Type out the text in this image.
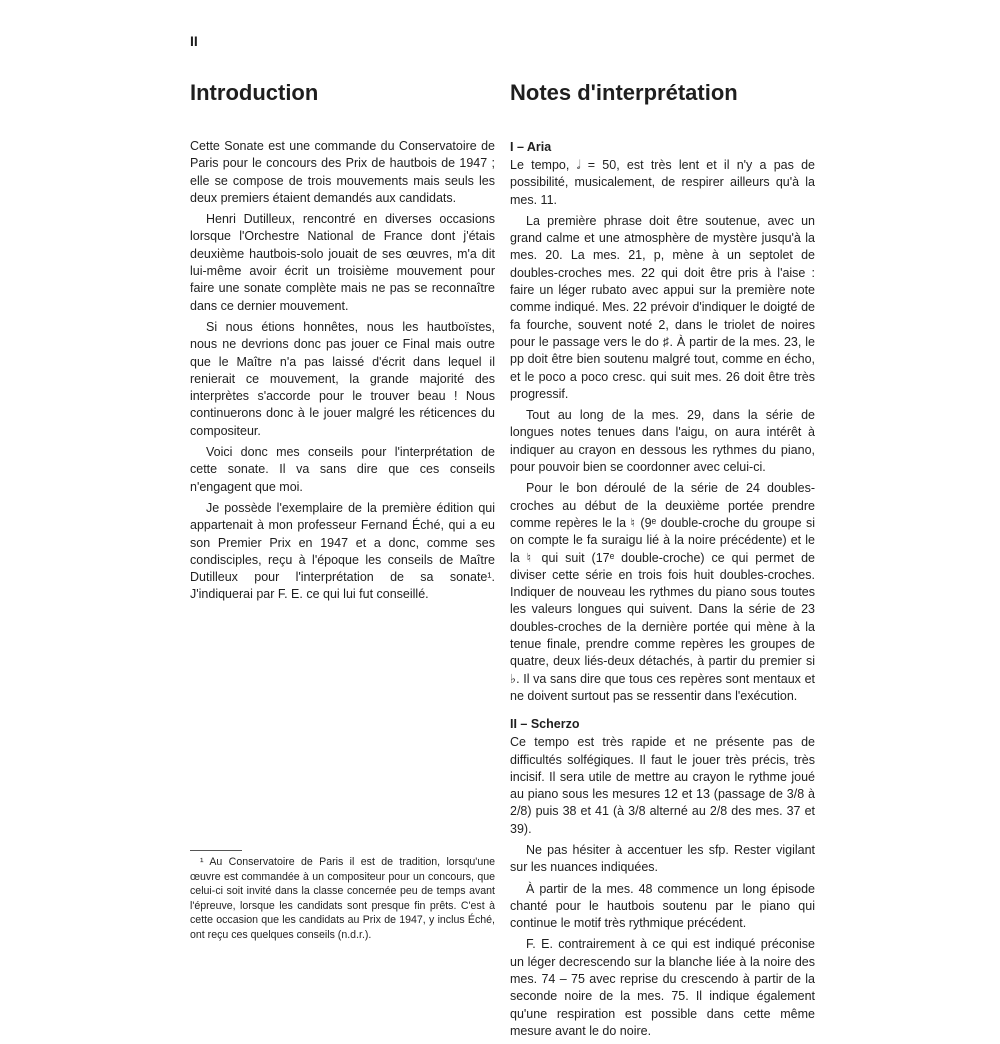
II
Introduction

Cette Sonate est une commande du Conservatoire de Paris pour le concours des Prix de hautbois de 1947 ; elle se compose de trois mouvements mais seuls les deux premiers étaient demandés aux candidats.

Henri Dutilleux, rencontré en diverses occasions lorsque l'Orchestre National de France dont j'étais deuxième hautbois-solo jouait de ses œuvres, m'a dit lui-même avoir écrit un troisième mouvement pour faire une sonate complète mais ne pas se reconnaître dans ce dernier mouvement.

Si nous étions honnêtes, nous les hautboïstes, nous ne devrions donc pas jouer ce Final mais outre que le Maître n'a pas laissé d'écrit dans lequel il renierait ce mouvement, la grande majorité des interprètes s'accorde pour le trouver beau ! Nous continuerons donc à le jouer malgré les réticences du compositeur.

Voici donc mes conseils pour l'interprétation de cette sonate. Il va sans dire que ces conseils n'engagent que moi.

Je possède l'exemplaire de la première édition qui appartenait à mon professeur Fernand Éché, qui a eu son Premier Prix en 1947 et a donc, comme ses condisciples, reçu à l'époque les conseils de Maître Dutilleux pour l'interprétation de sa sonate¹. J'indiquerai par F. E. ce qui lui fut conseillé.

Notes d'interprétation
I – Aria

Le tempo, 𝅗𝅥 = 50, est très lent et il n'y a pas de possibilité, musicalement, de respirer ailleurs qu'à la mes. 11.

La première phrase doit être soutenue, avec un grand calme et une atmosphère de mystère jusqu'à la mes. 20. La mes. 21, p, mène à un septolet de doubles-croches mes. 22 qui doit être pris à l'aise : faire un léger rubato avec appui sur la première note comme indiqué. Mes. 22 prévoir d'indiquer le doigté de fa fourche, souvent noté 2, dans le triolet de noires pour le passage vers le do ♯. À partir de la mes. 23, le pp doit être bien soutenu malgré tout, comme en écho, et le poco a poco cresc. qui suit mes. 26 doit être très progressif.

Tout au long de la mes. 29, dans la série de longues notes tenues dans l'aigu, on aura intérêt à indiquer au crayon en dessous les rythmes du piano, pour pouvoir bien se coordonner avec celui-ci.

Pour le bon déroulé de la série de 24 doubles-croches au début de la deuxième portée prendre comme repères le la ♮ (9ᵉ double-croche du groupe si on compte le fa suraigu lié à la noire précédente) et le la ♮ qui suit (17ᵉ double-croche) ce qui permet de diviser cette série en trois fois huit doubles-croches. Indiquer de nouveau les rythmes du piano sous toutes les valeurs longues qui suivent. Dans la série de 23 doubles-croches de la dernière portée qui mène à la tenue finale, prendre comme repères les groupes de quatre, deux liés-deux détachés, à partir du premier si ♭. Il va sans dire que tous ces repères sont mentaux et ne doivent surtout pas se ressentir dans l'exécution.

II – Scherzo

Ce tempo est très rapide et ne présente pas de difficultés solfégiques. Il faut le jouer très précis, très incisif. Il sera utile de mettre au crayon le rythme joué au piano sous les mesures 12 et 13 (passage de 3/8 à 2/8) puis 38 et 41 (à 3/8 alterné au 2/8 des mes. 37 et 39).

Ne pas hésiter à accentuer les sfp. Rester vigilant sur les nuances indiquées.

À partir de la mes. 48 commence un long épisode chanté pour le hautbois soutenu par le piano qui continue le motif très rythmique précédent.

F. E. contrairement à ce qui est indiqué préconise un léger decrescendo sur la blanche liée à la noire des mes. 74 – 75 avec reprise du crescendo à partir de la seconde noire de la mes. 75. Il indique également qu'une respiration est possible dans cette même mesure avant le do noire.

¹ Au Conservatoire de Paris il est de tradition, lorsqu'une œuvre est commandée à un compositeur pour un concours, que celui-ci soit invité dans la classe concernée peu de temps avant l'épreuve, lorsque les candidats sont presque fin prêts. C'est à cette occasion que les candidats au Prix de 1947, y inclus Éché, ont reçu ces quelques conseils (n.d.r.).
